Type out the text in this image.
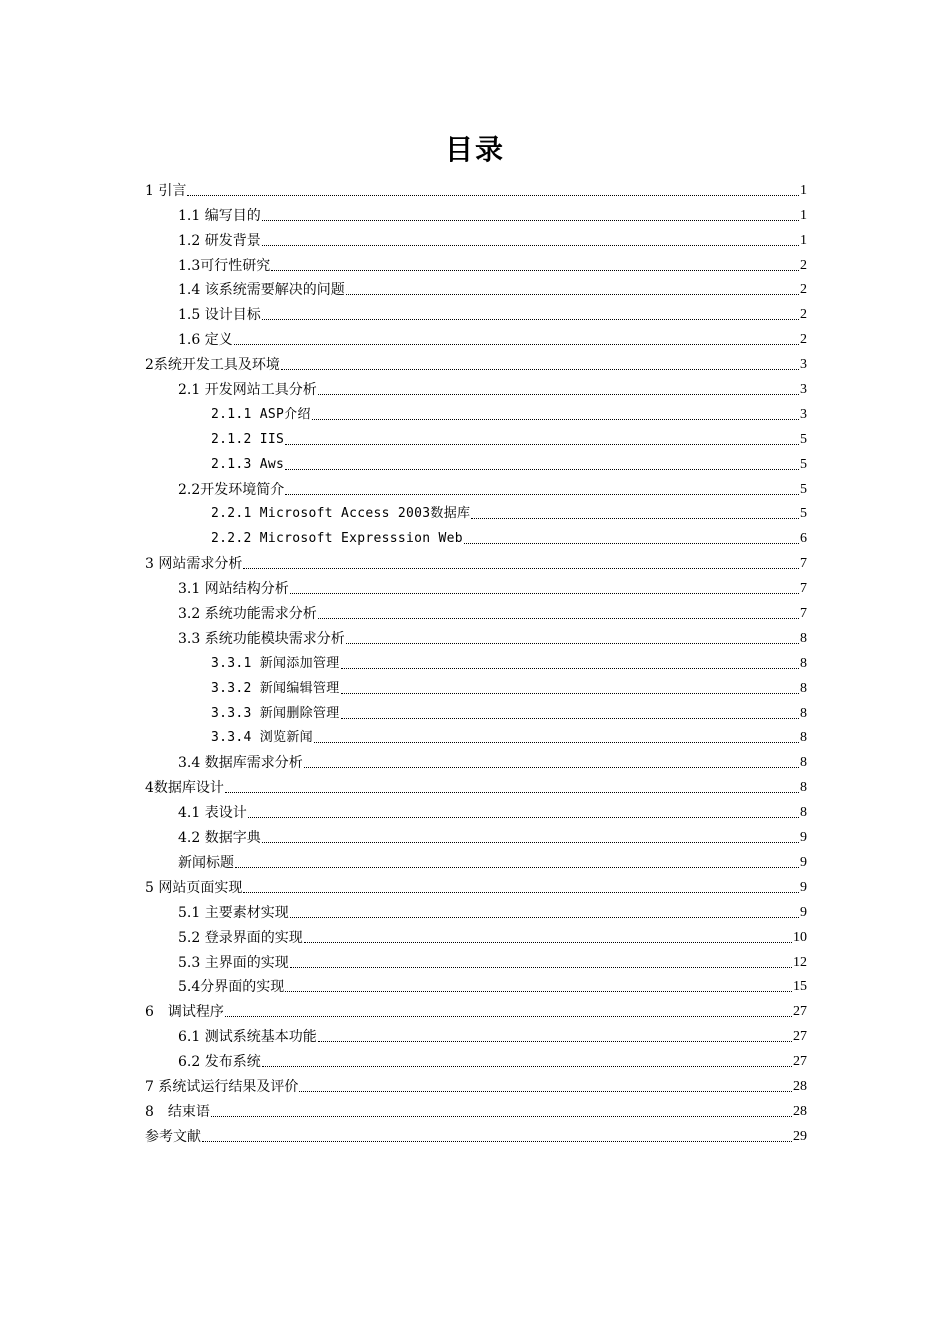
目录
1 引言	1
1.1 编写目的	1
1.2 研发背景	1
1.3可行性研究	2
1.4 该系统需要解决的问题	2
1.5 设计目标	2
1.6 定义	2
2系统开发工具及环境	3
2.1 开发网站工具分析	3
2.1.1 ASP介绍	3
2.1.2 IIS	5
2.1.3 Aws	5
2.2开发环境简介	5
2.2.1 Microsoft Access 2003数据库	5
2.2.2 Microsoft Expresssion Web	6
3 网站需求分析	7
3.1 网站结构分析	7
3.2 系统功能需求分析	7
3.3 系统功能模块需求分析	8
3.3.1 新闻添加管理	8
3.3.2 新闻编辑管理	8
3.3.3 新闻删除管理	8
3.3.4 浏览新闻	8
3.4 数据库需求分析	8
4数据库设计	8
4.1 表设计	8
4.2 数据字典	9
新闻标题	9
5 网站页面实现	9
5.1 主要素材实现	9
5.2 登录界面的实现	10
5.3 主界面的实现	12
5.4分界面的实现	15
6　调试程序	27
6.1 测试系统基本功能	27
6.2 发布系统	27
7 系统试运行结果及评价	28
8　结束语	28
参考文献	29
